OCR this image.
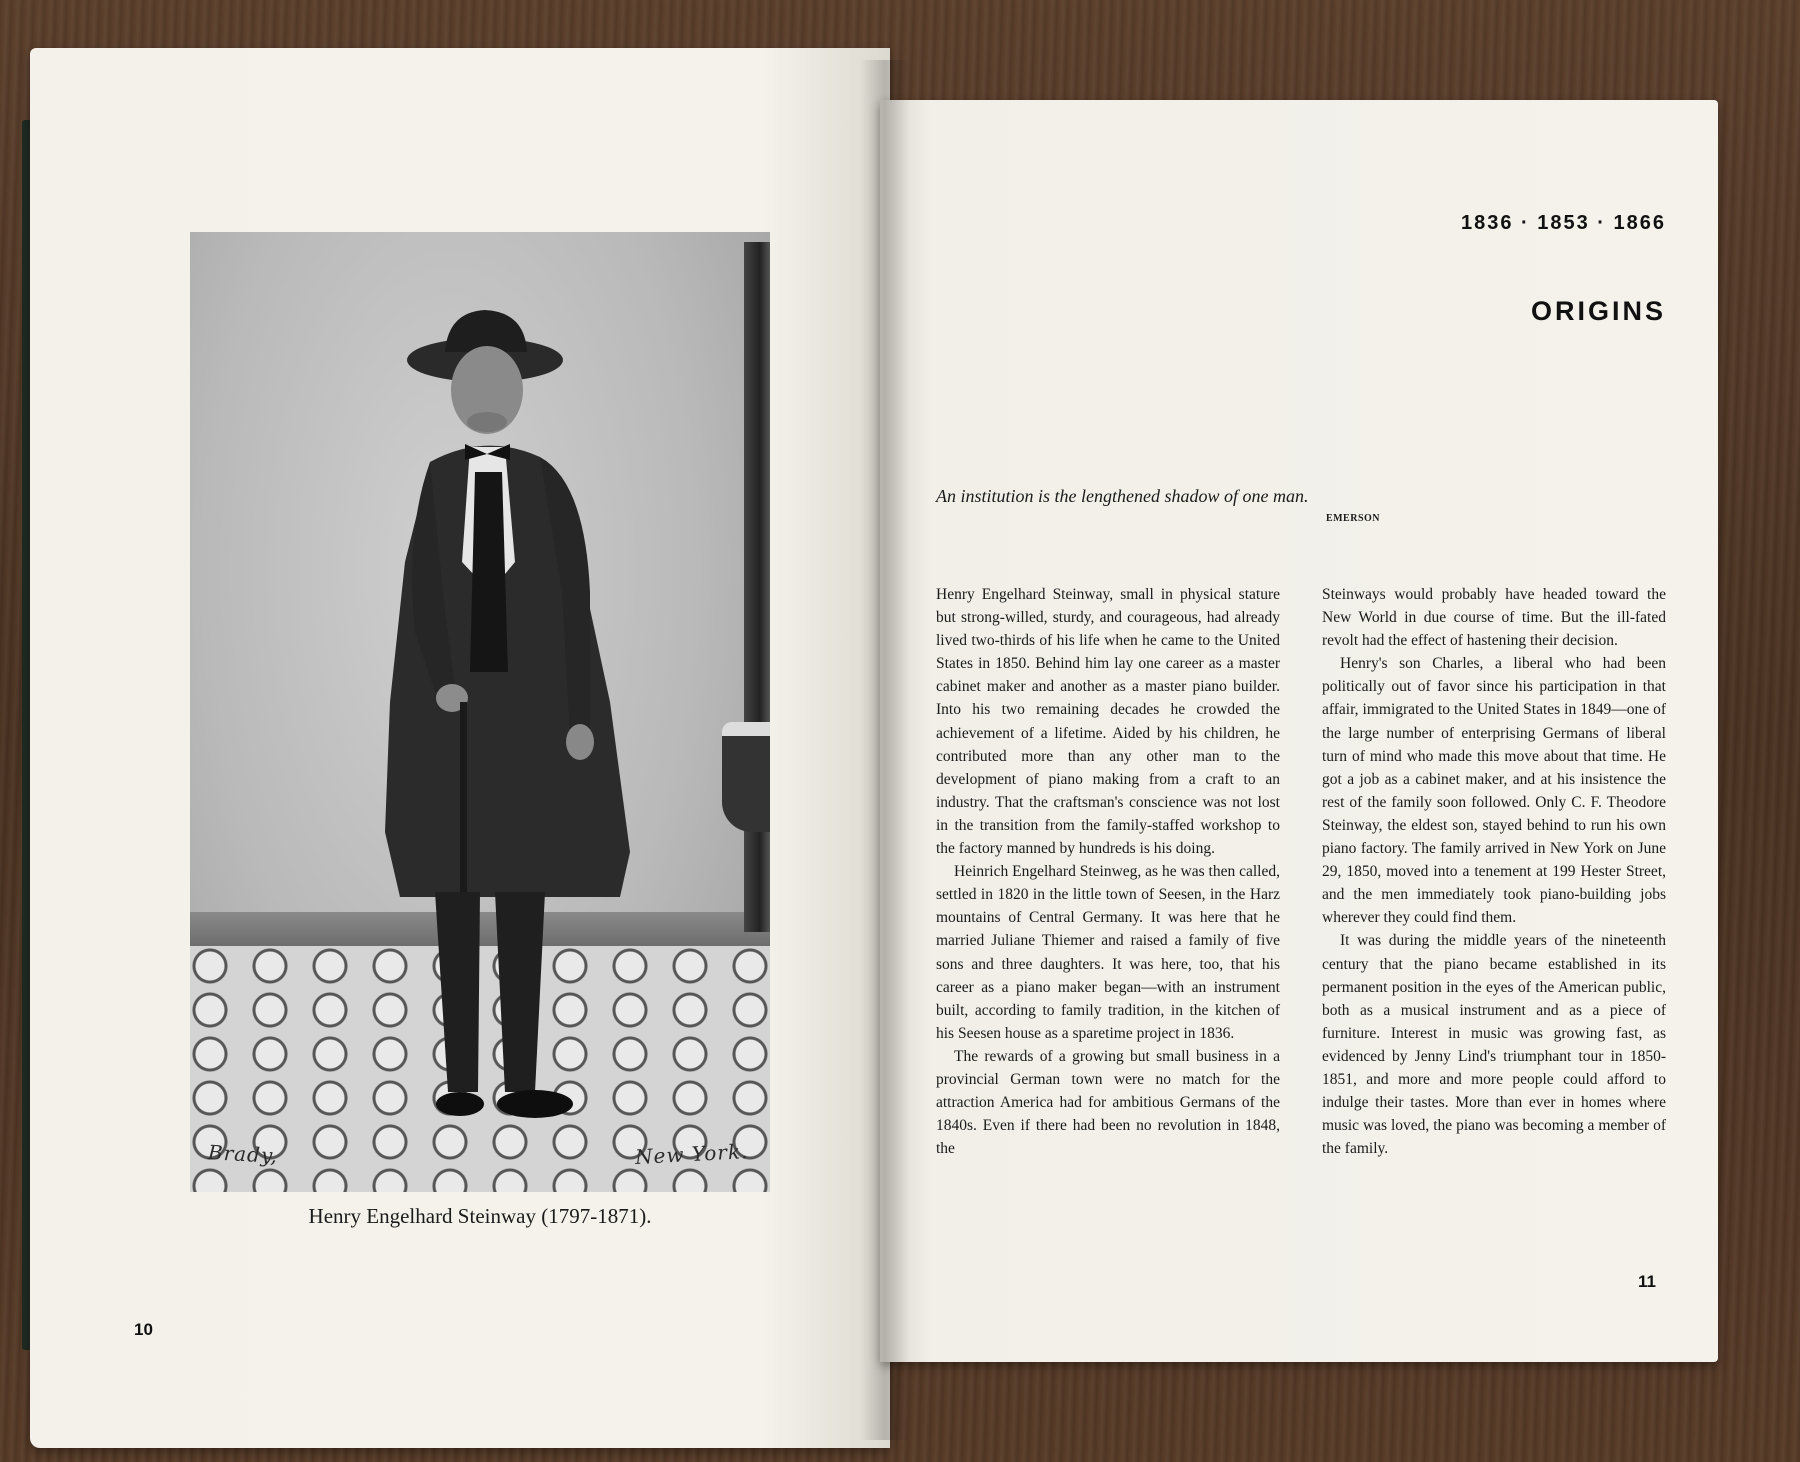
Brady,	New York.
Henry Engelhard Steinway (1797-1871).
10
1836 · 1853 · 1866
ORIGINS
An institution is the lengthened shadow of one man.
EMERSON

Henry Engelhard Steinway, small in physical stature but strong-willed, sturdy, and courageous, had already lived two-thirds of his life when he came to the United States in 1850. Behind him lay one career as a master cabinet maker and another as a master piano builder. Into his two remaining decades he crowded the achievement of a lifetime. Aided by his children, he contributed more than any other man to the development of piano making from a craft to an industry. That the craftsman's conscience was not lost in the transition from the family-staffed workshop to the factory manned by hundreds is his doing.

Heinrich Engelhard Steinweg, as he was then called, settled in 1820 in the little town of Seesen, in the Harz mountains of Central Germany. It was here that he married Juliane Thiemer and raised a family of five sons and three daughters. It was here, too, that his career as a piano maker began—with an instrument built, according to family tradition, in the kitchen of his Seesen house as a sparetime project in 1836.

The rewards of a growing but small business in a provincial German town were no match for the attraction America had for ambitious Germans of the 1840s. Even if there had been no revolution in 1848, the

Steinways would probably have headed toward the New World in due course of time. But the ill-fated revolt had the effect of hastening their decision.

Henry's son Charles, a liberal who had been politically out of favor since his participation in that affair, immigrated to the United States in 1849—one of the large number of enterprising Germans of liberal turn of mind who made this move about that time. He got a job as a cabinet maker, and at his insistence the rest of the family soon followed. Only C. F. Theodore Steinway, the eldest son, stayed behind to run his own piano factory. The family arrived in New York on June 29, 1850, moved into a tenement at 199 Hester Street, and the men immediately took piano-building jobs wherever they could find them.

It was during the middle years of the nineteenth century that the piano became established in its permanent position in the eyes of the American public, both as a musical instrument and as a piece of furniture. Interest in music was growing fast, as evidenced by Jenny Lind's triumphant tour in 1850-1851, and more and more people could afford to indulge their tastes. More than ever in homes where music was loved, the piano was becoming a member of the family.

11
